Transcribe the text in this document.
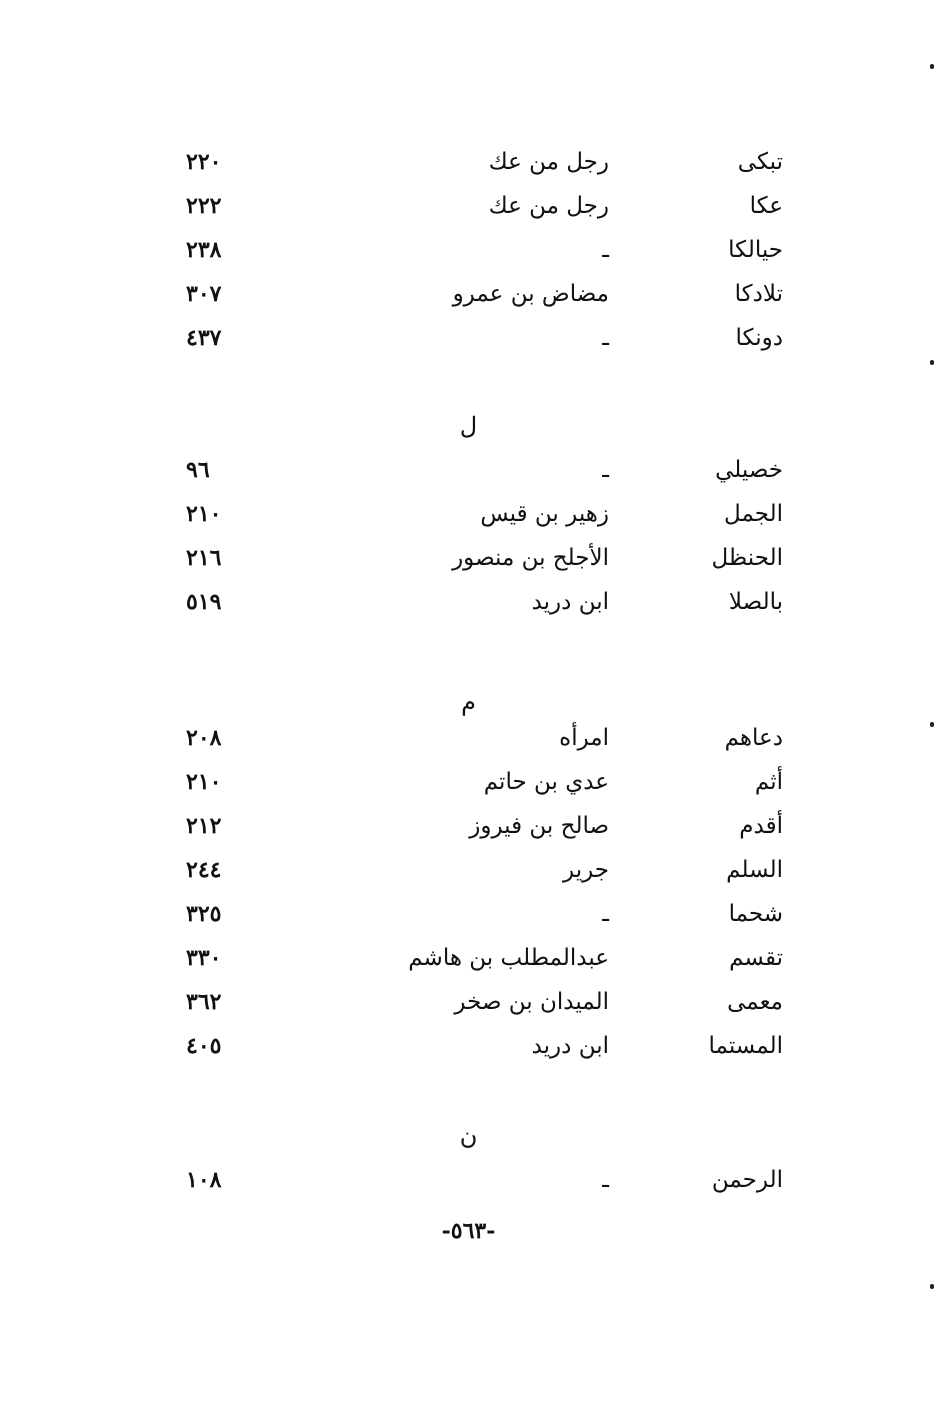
تبكى
رجل من عك
٢٢٠
عكا
رجل من عك
٢٢٢
حيالكا
ـ
٢٣٨
تلادكا
مضاض بن عمرو
٣٠٧
دونكا
ـ
٤٣٧
ل
خصيلي
ـ
٩٦
الجمل
زهير بن قيس
٢١٠
الحنظل
الأجلح بن منصور
٢١٦
بالصلا
ابن دريد
٥١٩
م
دعاهم
امرأه
٢٠٨
أثم
عدي بن حاتم
٢١٠
أقدم
صالح بن فيروز
٢١٢
السلم
جرير
٢٤٤
شحما
ـ
٣٢٥
تقسم
عبدالمطلب بن هاشم
٣٣٠
معمى
الميدان بن صخر
٣٦٢
المستما
ابن دريد
٤٠٥
ن
الرحمن
ـ
١٠٨
-٥٦٣-
